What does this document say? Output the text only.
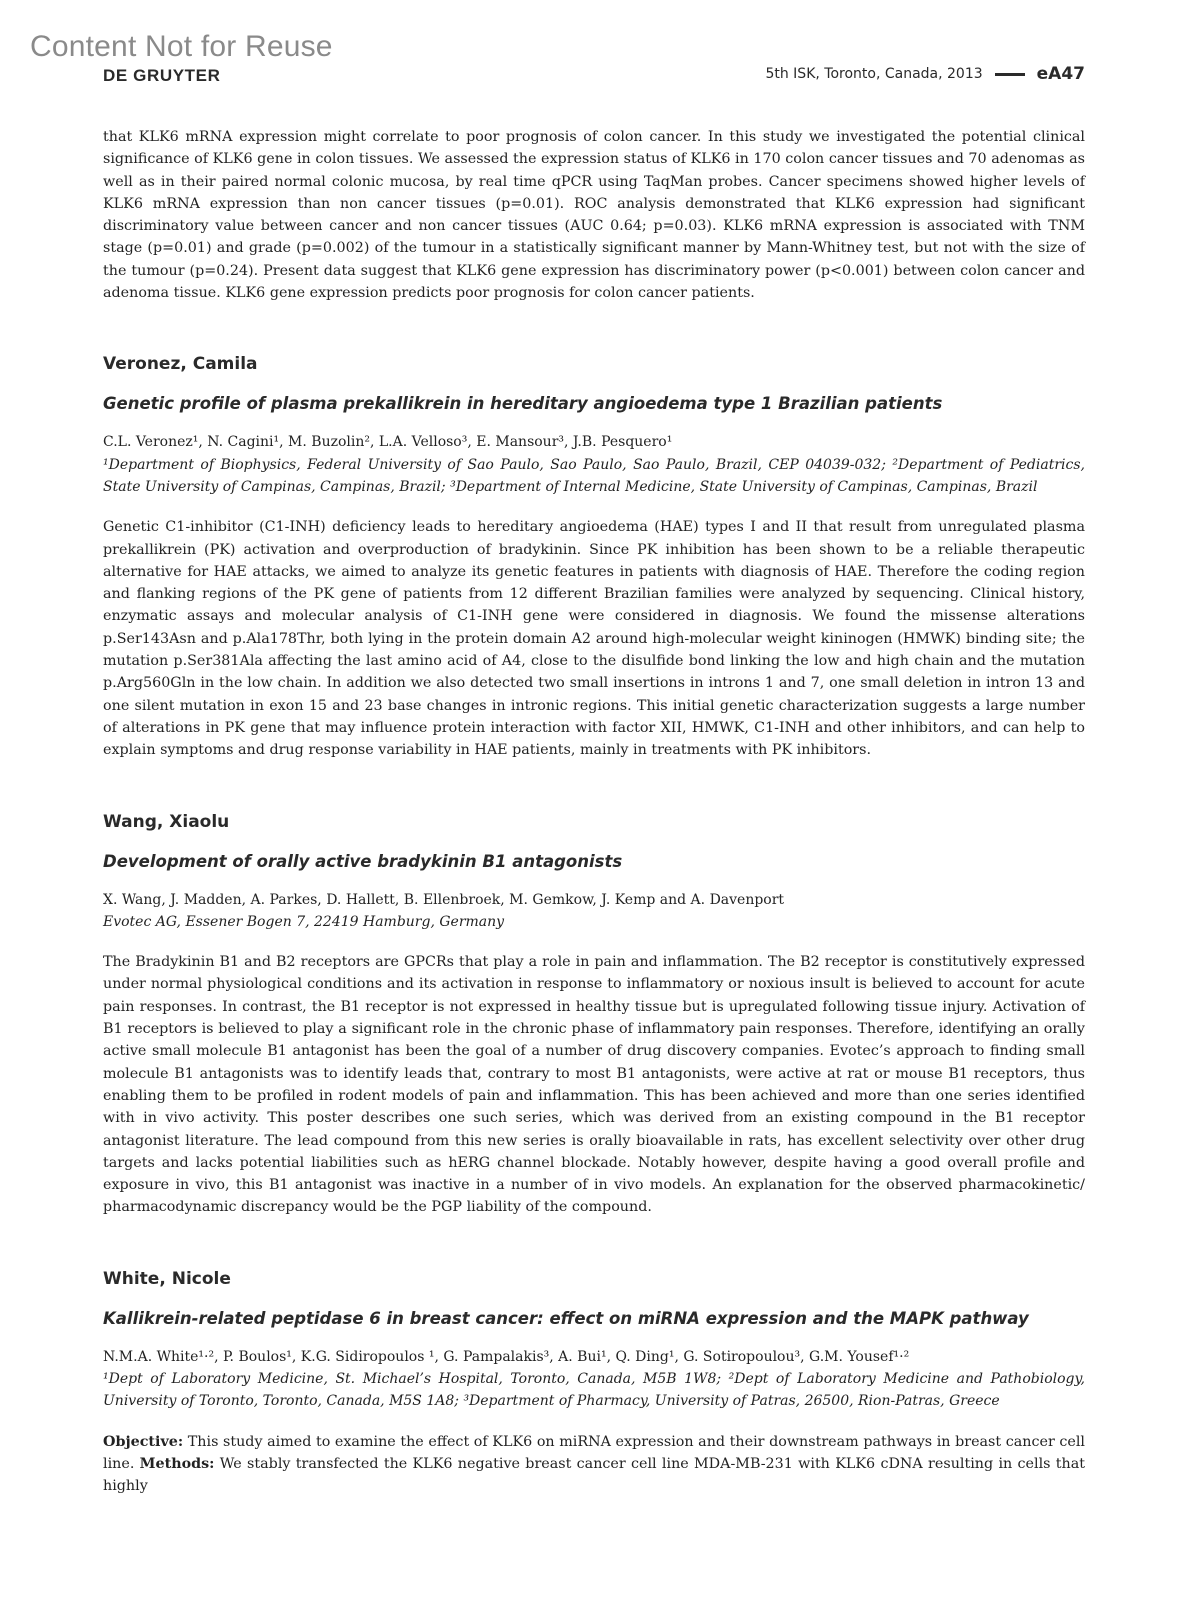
Content Not for Reuse
DE GRUYTER	5th ISK, Toronto, Canada, 2013	eA47

that KLK6 mRNA expression might correlate to poor prognosis of colon cancer. In this study we investigated the potential clinical significance of KLK6 gene in colon tissues. We assessed the expression status of KLK6 in 170 colon cancer tissues and 70 adenomas as well as in their paired normal colonic mucosa, by real time qPCR using TaqMan probes. Cancer specimens showed higher levels of KLK6 mRNA expression than non cancer tissues (p=0.01). ROC analysis demonstrated that KLK6 expression had significant discriminatory value between cancer and non cancer tissues (AUC 0.64; p=0.03). KLK6 mRNA expression is associated with TNM stage (p=0.01) and grade (p=0.002) of the tumour in a statistically significant manner by Mann-Whitney test, but not with the size of the tumour (p=0.24). Present data suggest that KLK6 gene expression has discriminatory power (p<0.001) between colon cancer and adenoma tissue. KLK6 gene expression predicts poor prognosis for colon cancer patients.

Veronez, Camila
Genetic profile of plasma prekallikrein in hereditary angioedema type 1 Brazilian patients
C.L. Veronez¹, N. Cagini¹, M. Buzolin², L.A. Velloso³, E. Mansour³, J.B. Pesquero¹
¹Department of Biophysics, Federal University of Sao Paulo, Sao Paulo, Sao Paulo, Brazil, CEP 04039-032; ²Department of Pediatrics, State University of Campinas, Campinas, Brazil; ³Department of Internal Medicine, State University of Campinas, Campinas, Brazil

Genetic C1-inhibitor (C1-INH) deficiency leads to hereditary angioedema (HAE) types I and II that result from unregulated plasma prekallikrein (PK) activation and overproduction of bradykinin. Since PK inhibition has been shown to be a reliable therapeutic alternative for HAE attacks, we aimed to analyze its genetic features in patients with diagnosis of HAE. Therefore the coding region and flanking regions of the PK gene of patients from 12 different Brazilian families were analyzed by sequencing. Clinical history, enzymatic assays and molecular analysis of C1-INH gene were considered in diagnosis. We found the missense alterations p.Ser143Asn and p.Ala178Thr, both lying in the protein domain A2 around high-molecular weight kininogen (HMWK) binding site; the mutation p.Ser381Ala affecting the last amino acid of A4, close to the disulfide bond linking the low and high chain and the mutation p.Arg560Gln in the low chain. In addition we also detected two small insertions in introns 1 and 7, one small deletion in intron 13 and one silent mutation in exon 15 and 23 base changes in intronic regions. This initial genetic characterization suggests a large number of alterations in PK gene that may influence protein interaction with factor XII, HMWK, C1-INH and other inhibitors, and can help to explain symptoms and drug response variability in HAE patients, mainly in treatments with PK inhibitors.

Wang, Xiaolu
Development of orally active bradykinin B1 antagonists
X. Wang, J. Madden, A. Parkes, D. Hallett, B. Ellenbroek, M. Gemkow, J. Kemp and A. Davenport
Evotec AG, Essener Bogen 7, 22419 Hamburg, Germany

The Bradykinin B1 and B2 receptors are GPCRs that play a role in pain and inflammation. The B2 receptor is constitutively expressed under normal physiological conditions and its activation in response to inflammatory or noxious insult is believed to account for acute pain responses. In contrast, the B1 receptor is not expressed in healthy tissue but is upregulated following tissue injury. Activation of B1 receptors is believed to play a significant role in the chronic phase of inflammatory pain responses. Therefore, identifying an orally active small molecule B1 antagonist has been the goal of a number of drug discovery companies. Evotec’s approach to finding small molecule B1 antagonists was to identify leads that, contrary to most B1 antagonists, were active at rat or mouse B1 receptors, thus enabling them to be profiled in rodent models of pain and inflammation. This has been achieved and more than one series identified with in vivo activity. This poster describes one such series, which was derived from an existing compound in the B1 receptor antagonist literature. The lead compound from this new series is orally bioavailable in rats, has excellent selectivity over other drug targets and lacks potential liabilities such as hERG channel blockade. Notably however, despite having a good overall profile and exposure in vivo, this B1 antagonist was inactive in a number of in vivo models. An explanation for the observed pharmacokinetic/ pharmacodynamic discrepancy would be the PGP liability of the compound.

White, Nicole
Kallikrein-related peptidase 6 in breast cancer: effect on miRNA expression and the MAPK pathway
N.M.A. White¹·², P. Boulos¹, K.G. Sidiropoulos ¹, G. Pampalakis³, A. Bui¹, Q. Ding¹, G. Sotiropoulou³, G.M. Yousef¹·²
¹Dept of Laboratory Medicine, St. Michael’s Hospital, Toronto, Canada, M5B 1W8; ²Dept of Laboratory Medicine and Pathobiology, University of Toronto, Toronto, Canada, M5S 1A8; ³Department of Pharmacy, University of Patras, 26500, Rion-Patras, Greece

Objective: This study aimed to examine the effect of KLK6 on miRNA expression and their downstream pathways in breast cancer cell line. Methods: We stably transfected the KLK6 negative breast cancer cell line MDA-MB-231 with KLK6 cDNA resulting in cells that highly
